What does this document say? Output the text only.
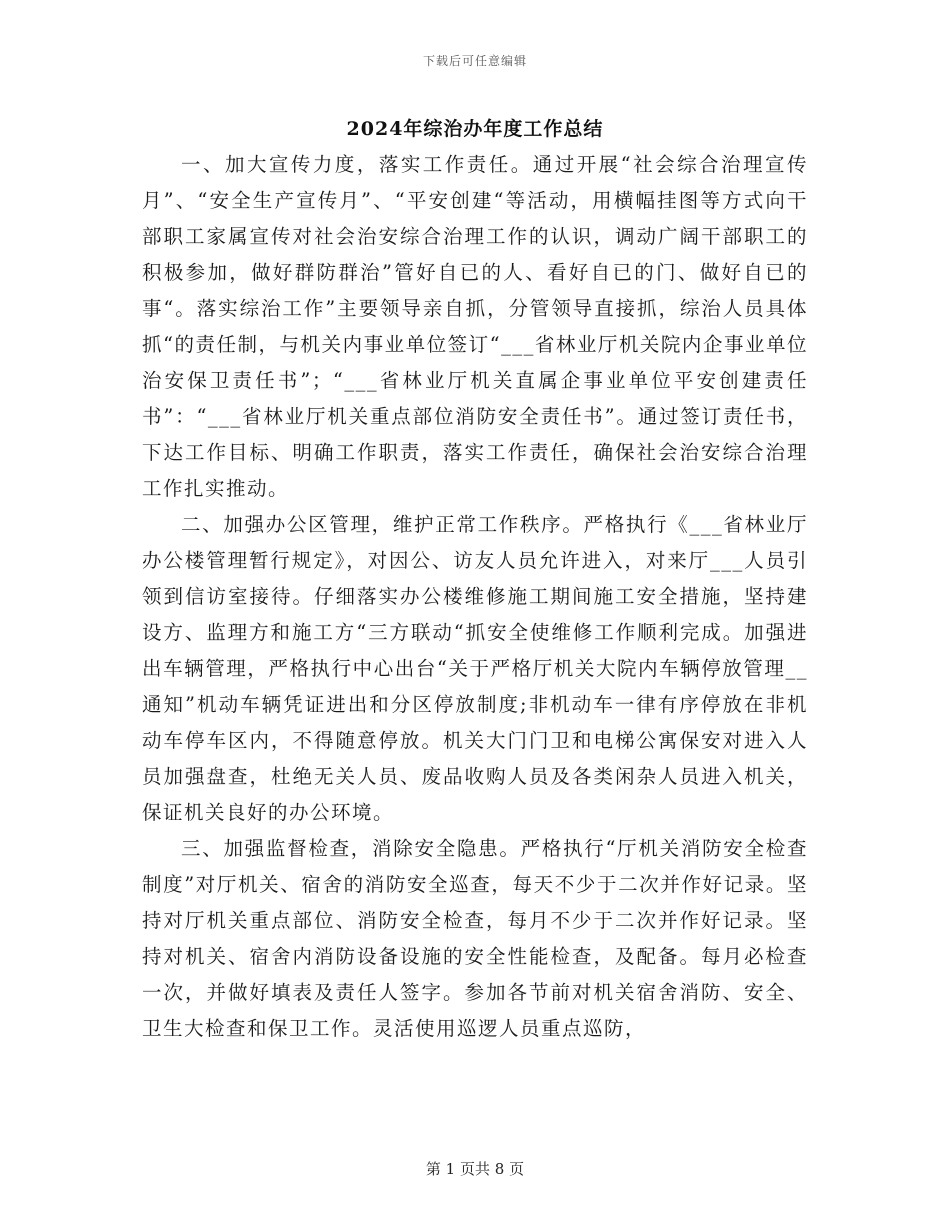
下载后可任意编辑
2024年综治办年度工作总结

一、加大宣传力度，落实工作责任。通过开展“社会综合治理宣传月”、“安全生产宣传月”、“平安创建“等活动，用横幅挂图等方式向干部职工家属宣传对社会治安综合治理工作的认识，调动广阔干部职工的积极参加，做好群防群治”管好自已的人、看好自已的门、做好自已的事“。落实综治工作”主要领导亲自抓，分管领导直接抓，综治人员具体抓“的责任制，与机关内事业单位签订“___省林业厅机关院内企事业单位治安保卫责任书”；“___省林业厅机关直属企事业单位平安创建责任书”：“___省林业厅机关重点部位消防安全责任书”。通过签订责任书，下达工作目标、明确工作职责，落实工作责任，确保社会治安综合治理工作扎实推动。

二、加强办公区管理，维护正常工作秩序。严格执行《___省林业厅办公楼管理暂行规定》，对因公、访友人员允许进入，对来厅___人员引领到信访室接待。仔细落实办公楼维修施工期间施工安全措施，坚持建设方、监理方和施工方“三方联动“抓安全使维修工作顺利完成。加强进出车辆管理，严格执行中心出台“关于严格厅机关大院内车辆停放管理__通知”机动车辆凭证进出和分区停放制度;非机动车一律有序停放在非机动车停车区内，不得随意停放。机关大门门卫和电梯公寓保安对进入人员加强盘查，杜绝无关人员、废品收购人员及各类闲杂人员进入机关，保证机关良好的办公环境。

三、加强监督检查，消除安全隐患。严格执行“厅机关消防安全检查制度”对厅机关、宿舍的消防安全巡查，每天不少于二次并作好记录。坚持对厅机关重点部位、消防安全检查，每月不少于二次并作好记录。坚持对机关、宿舍内消防设备设施的安全性能检查，及配备。每月必检查一次，并做好填表及责任人签字。参加各节前对机关宿舍消防、安全、卫生大检查和保卫工作。灵活使用巡逻人员重点巡防，

第 1 页共 8 页
